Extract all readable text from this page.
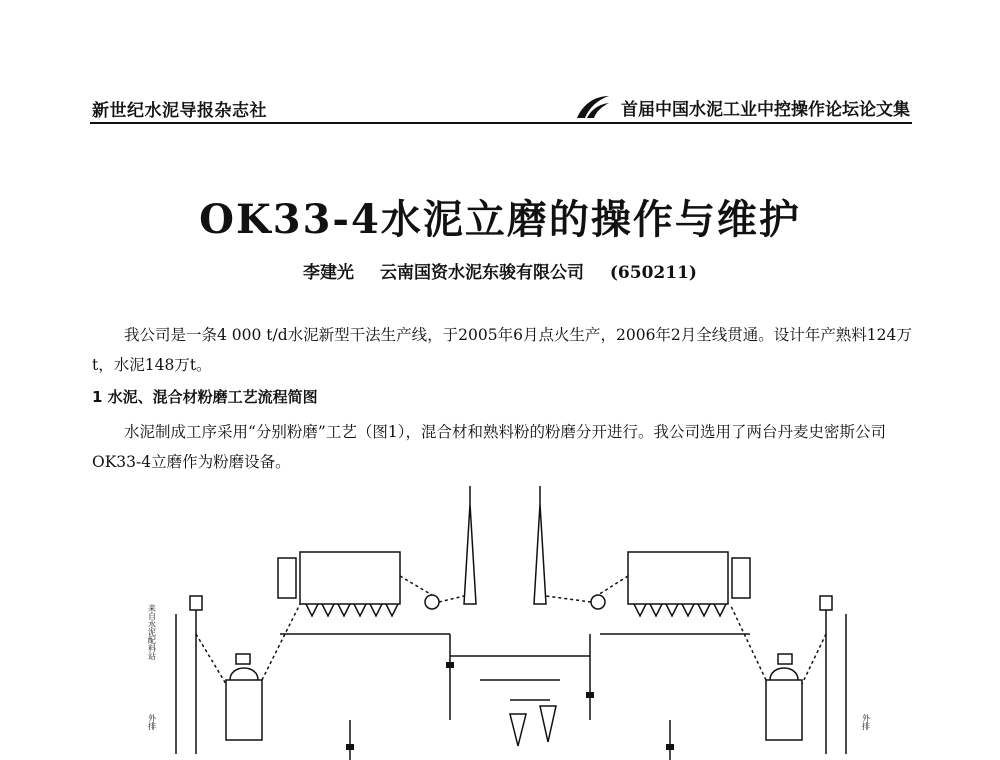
新世纪水泥导报杂志社	首届中国水泥工业中控操作论坛论文集
OK33-4水泥立磨的操作与维护
李建光 云南国资水泥东骏有限公司 (650211)
我公司是一条4 000 t/d水泥新型干法生产线，于2005年6月点火生产，2006年2月全线贯通。设计年产熟料124万t，水泥148万t。
1 水泥、混合材粉磨工艺流程简图
水泥制成工序采用“分别粉磨”工艺（图1），混合材和熟料粉的粉磨分开进行。我公司选用了两台丹麦史密斯公司OK33-4立磨作为粉磨设备。
来自水泥配料站
外排	外排
